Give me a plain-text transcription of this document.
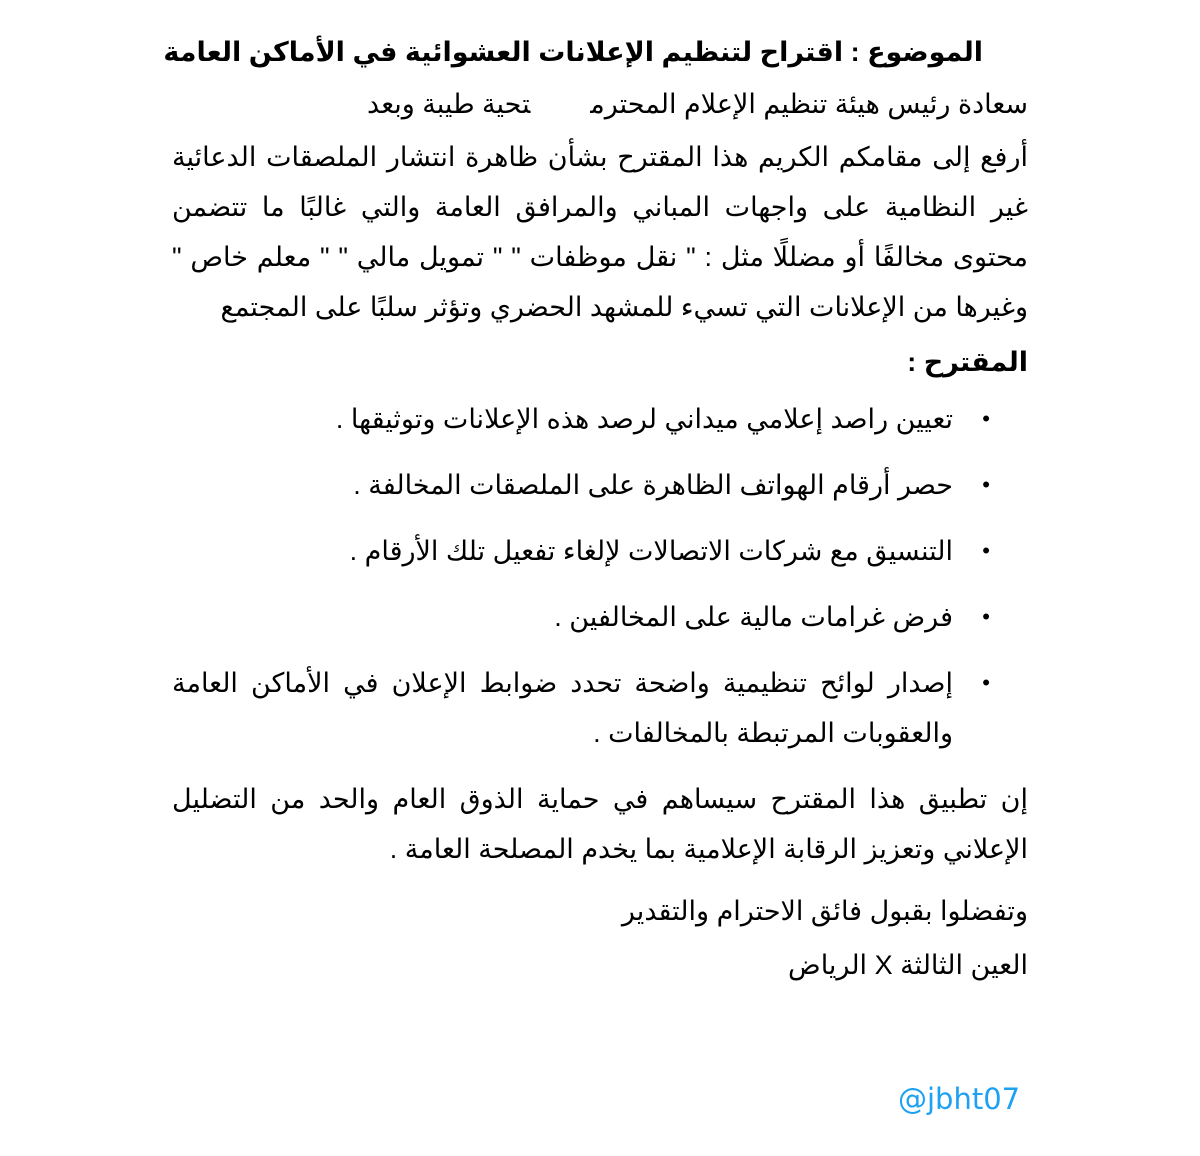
الموضوع : اقتراح لتنظيم الإعلانات العشوائية في الأماكن العامة
سعادة رئيس هيئة تنظيم الإعلام المحترمتحية طيبة وبعد

أرفع إلى مقامكم الكريم هذا المقترح بشأن ظاهرة انتشار الملصقات الدعائية غير النظامية على واجهات المباني والمرافق العامة والتي غالبًا ما تتضمن محتوى مخالفًا أو مضللًا مثل : " نقل موظفات " " تمويل مالي " " معلم خاص " وغيرها من الإعلانات التي تسيء للمشهد الحضري وتؤثر سلبًا على المجتمع

المقترح :
•
تعيين راصد إعلامي ميداني لرصد هذه الإعلانات وتوثيقها .
•
حصر أرقام الهواتف الظاهرة على الملصقات المخالفة .
•
التنسيق مع شركات الاتصالات لإلغاء تفعيل تلك الأرقام .
•
فرض غرامات مالية على المخالفين .
•
إصدار لوائح تنظيمية واضحة تحدد ضوابط الإعلان في الأماكن العامة والعقوبات المرتبطة بالمخالفات .

إن تطبيق هذا المقترح سيساهم في حماية الذوق العام والحد من التضليل الإعلاني وتعزيز الرقابة الإعلامية بما يخدم المصلحة العامة .

وتفضلوا بقبول فائق الاحترام والتقدير

العين الثالثة X الرياض

@jbht07
